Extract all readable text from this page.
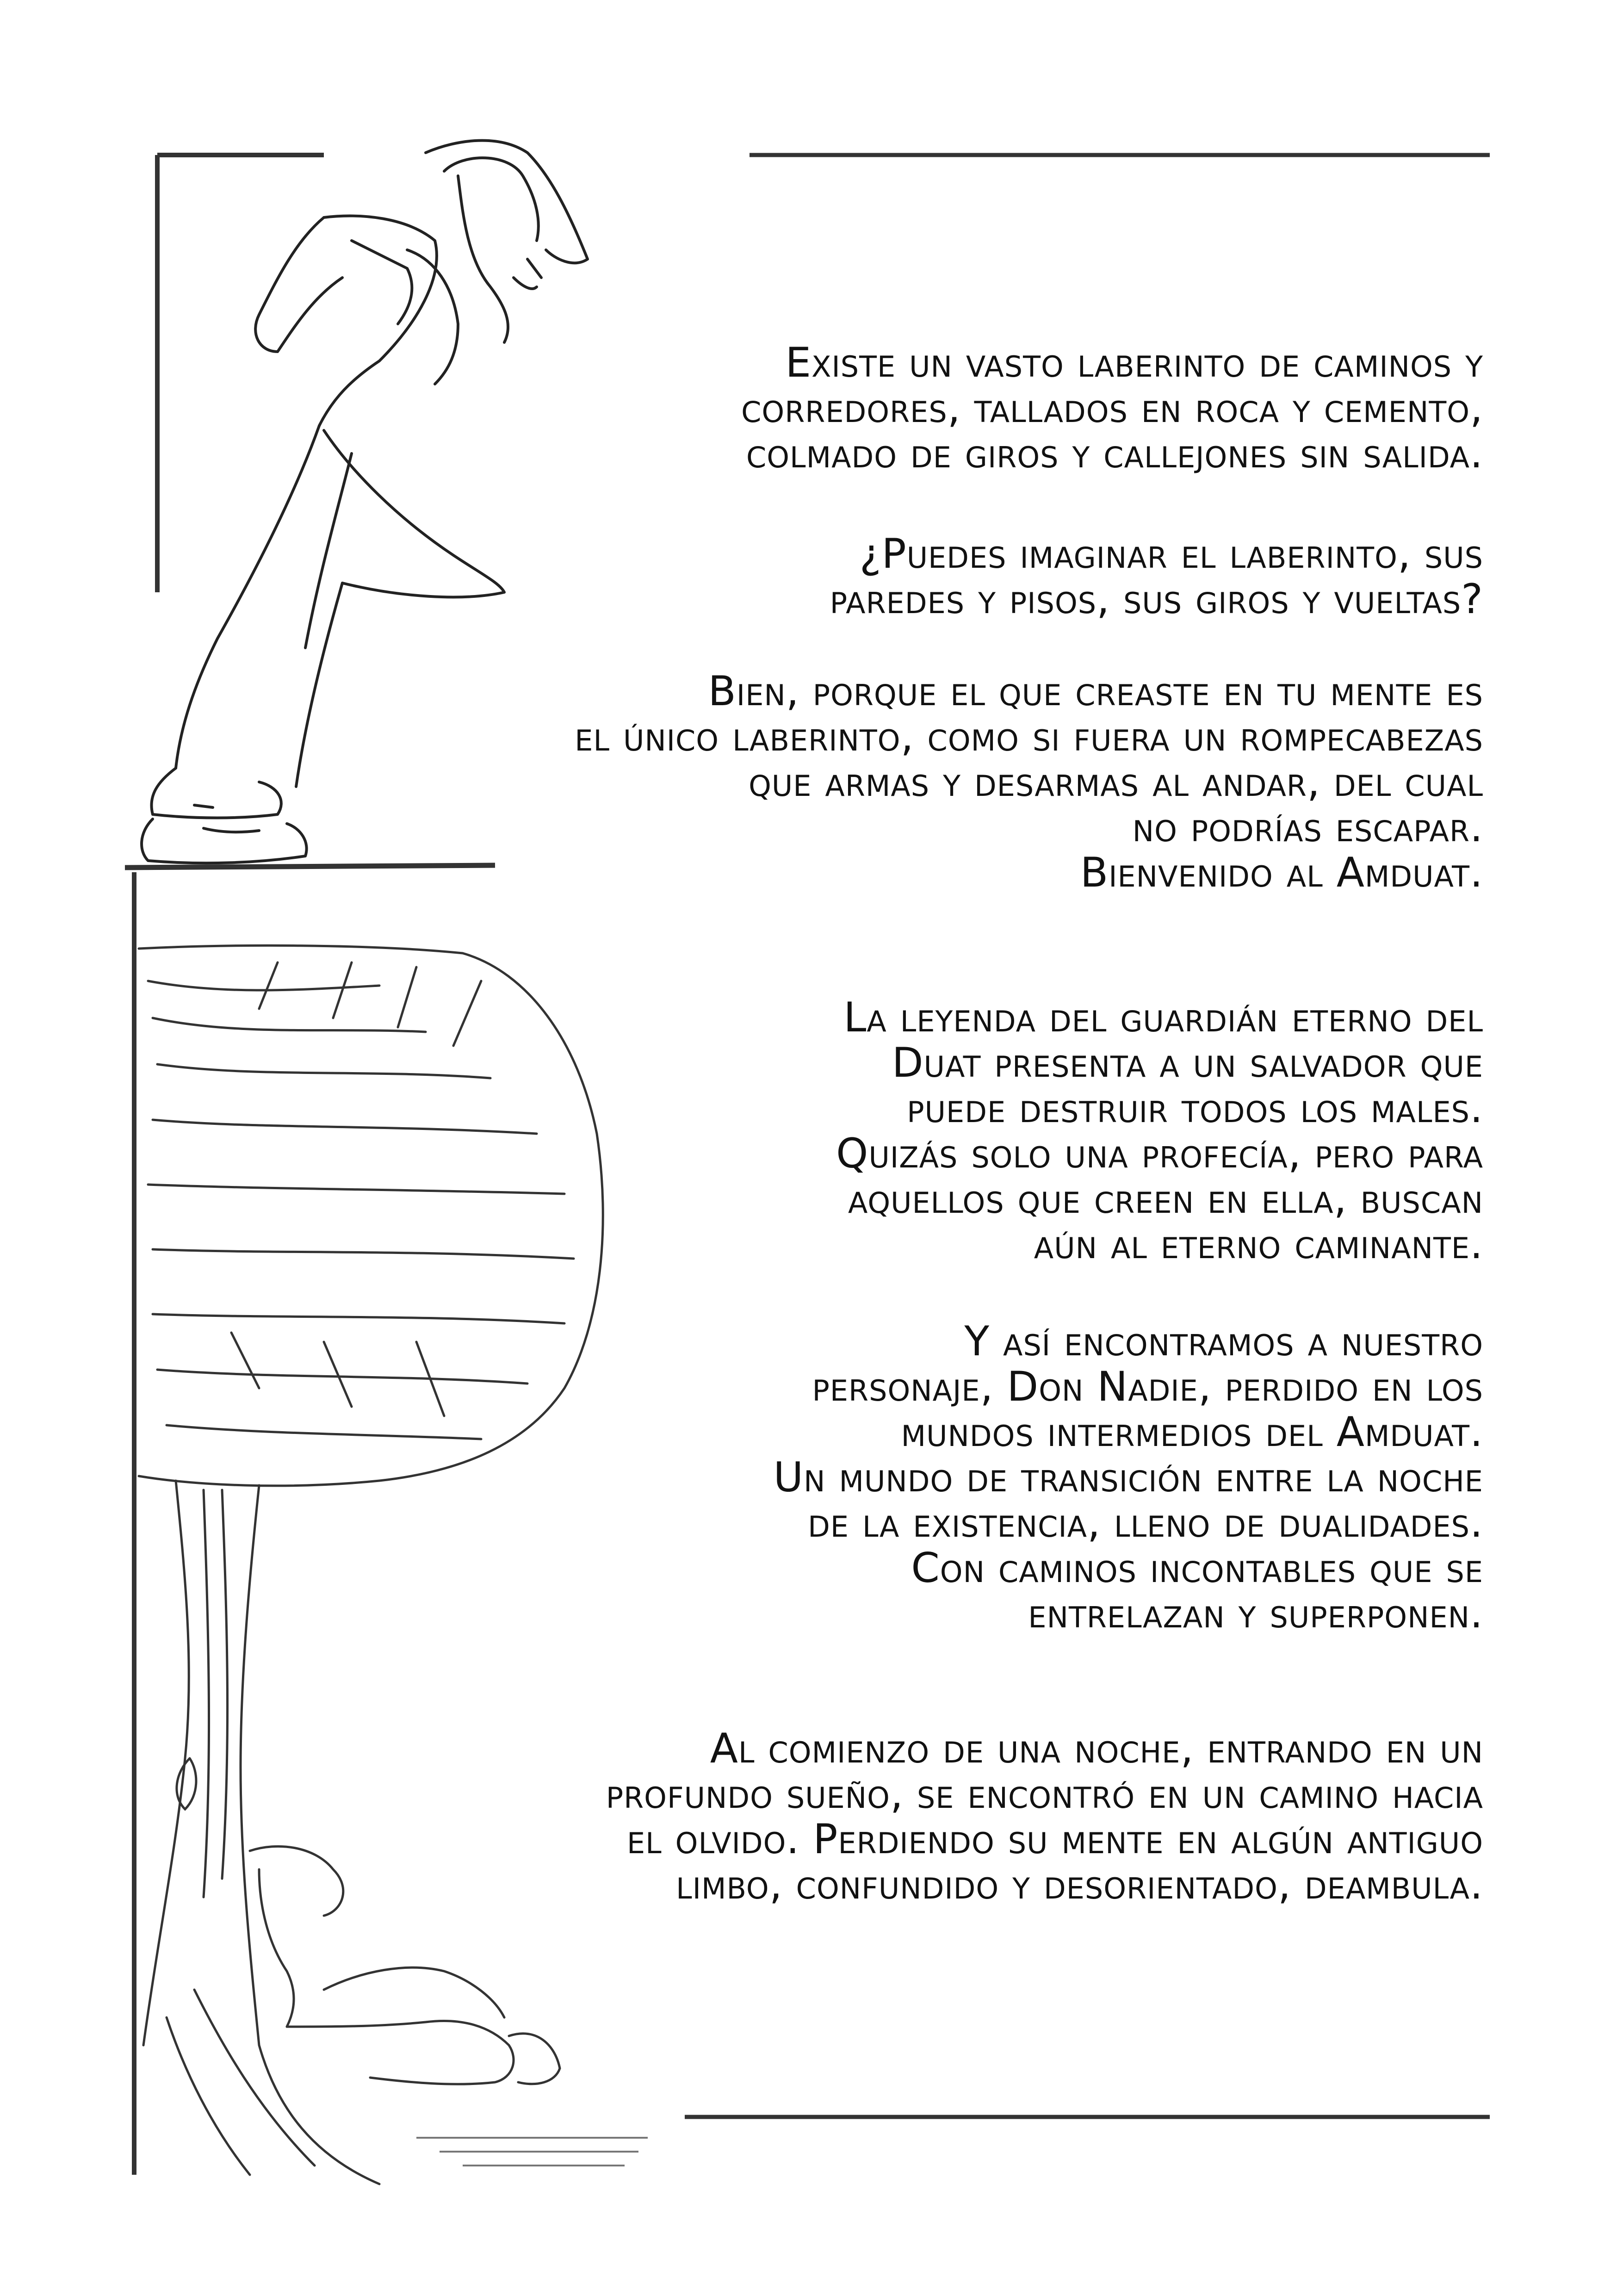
Existe un vasto laberinto de caminos y
corredores, tallados en roca y cemento,
colmado de giros y callejones sin salida.
¿Puedes imaginar el laberinto, sus
paredes y pisos, sus giros y vueltas?
Bien, porque el que creaste en tu mente es
el único laberinto, como si fuera un rompecabezas
que armas y desarmas al andar, del cual
no podrías escapar.
Bienvenido al Amduat.
La leyenda del guardián eterno del
Duat presenta a un salvador que
puede destruir todos los males.
Quizás solo una profecía, pero para
aquellos que creen en ella, buscan
aún al eterno caminante.
Y así encontramos a nuestro
personaje, Don Nadie, perdido en los
mundos intermedios del Amduat.
Un mundo de transición entre la noche
de la existencia, lleno de dualidades.
Con caminos incontables que se
entrelazan y superponen.
Al comienzo de una noche, entrando en un
profundo sueño, se encontró en un camino hacia
el olvido. Perdiendo su mente en algún antiguo
limbo, confundido y desorientado, deambula.
